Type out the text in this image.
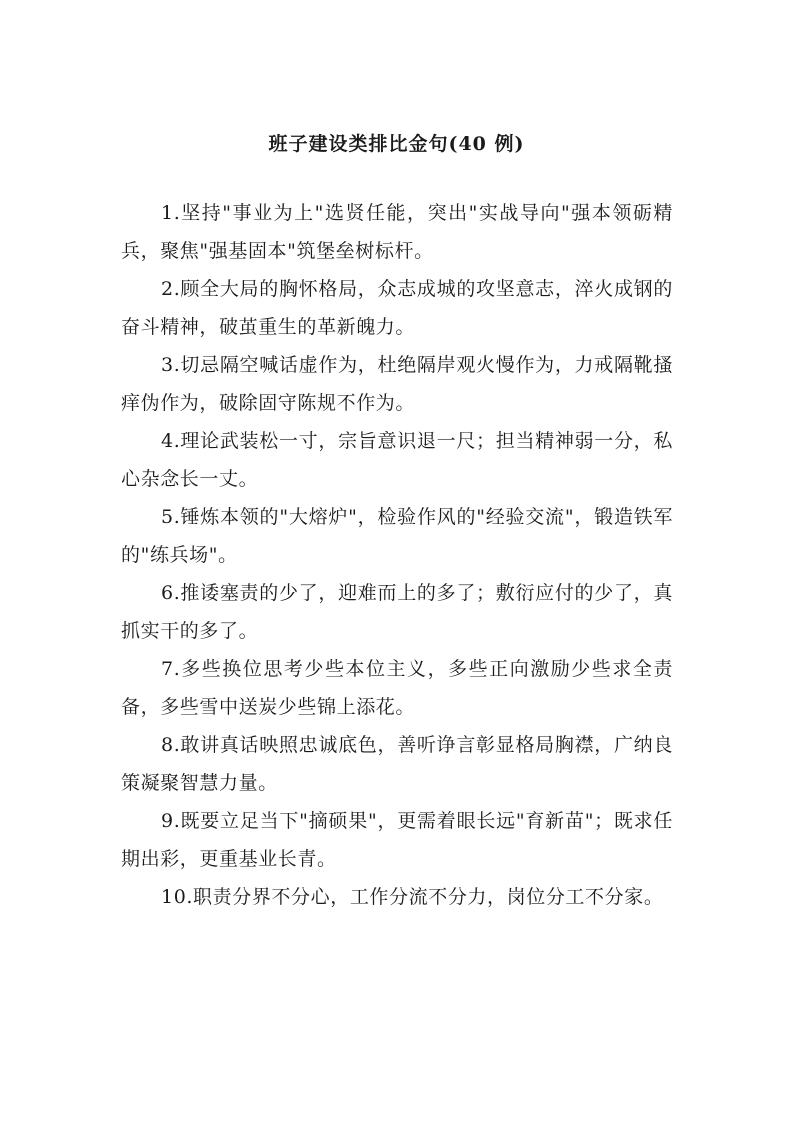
班子建设类排比金句(40 例)

1.坚持"事业为上"选贤任能，突出"实战导向"强本领砺精兵，聚焦"强基固本"筑堡垒树标杆。

2.顾全大局的胸怀格局，众志成城的攻坚意志，淬火成钢的奋斗精神，破茧重生的革新魄力。

3.切忌隔空喊话虚作为，杜绝隔岸观火慢作为，力戒隔靴搔痒伪作为，破除固守陈规不作为。

4.理论武装松一寸，宗旨意识退一尺；担当精神弱一分，私心杂念长一丈。

5.锤炼本领的"大熔炉"，检验作风的"经验交流"，锻造铁军的"练兵场"。

6.推诿塞责的少了，迎难而上的多了；敷衍应付的少了，真抓实干的多了。

7.多些换位思考少些本位主义，多些正向激励少些求全责备，多些雪中送炭少些锦上添花。

8.敢讲真话映照忠诚底色，善听诤言彰显格局胸襟，广纳良策凝聚智慧力量。

9.既要立足当下"摘硕果"，更需着眼长远"育新苗"；既求任期出彩，更重基业长青。

10.职责分界不分心，工作分流不分力，岗位分工不分家。
